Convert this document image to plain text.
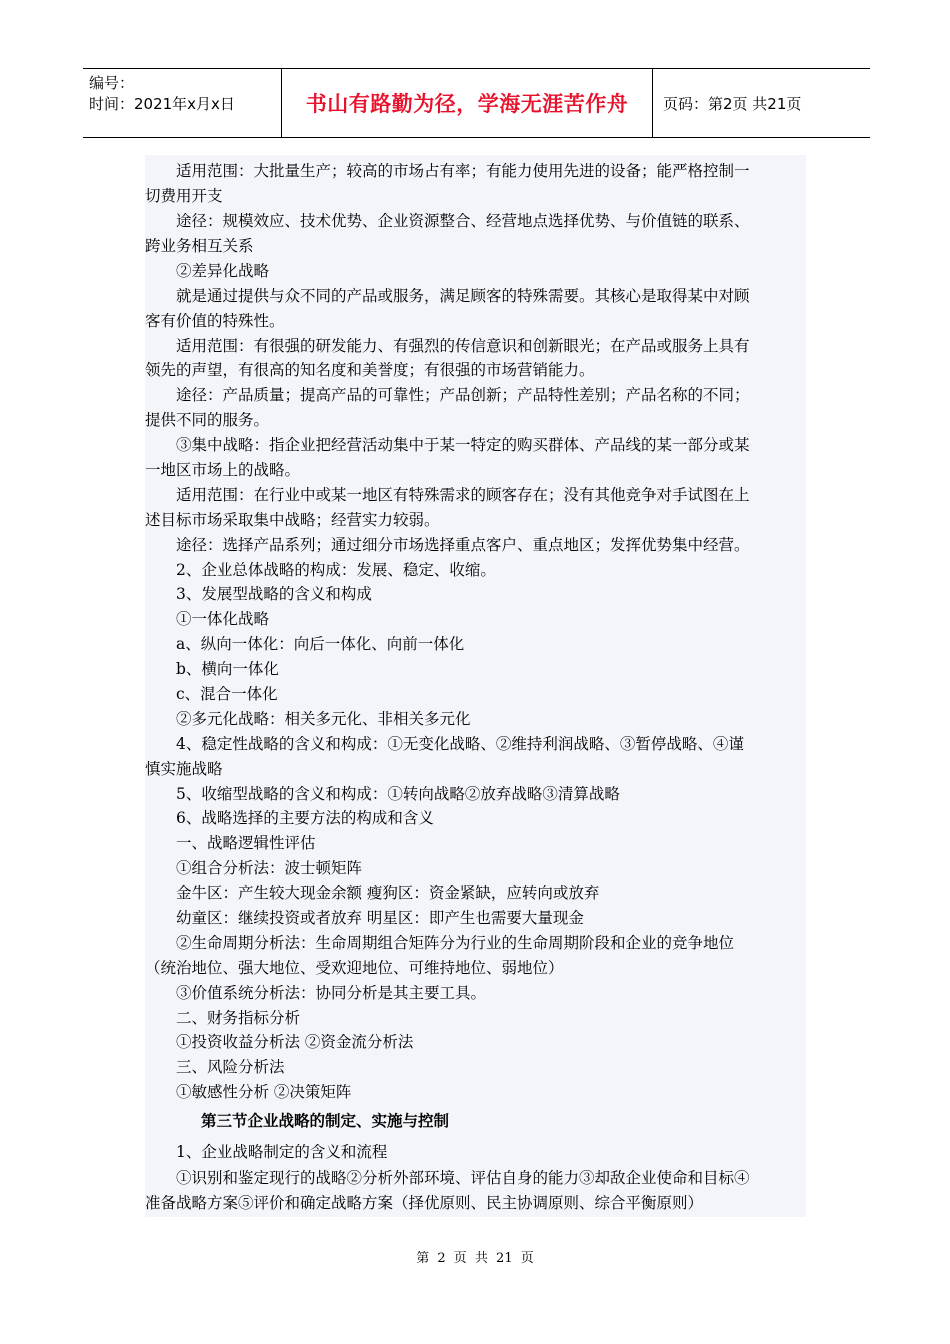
编号：
时间：2021年x月x日	书山有路勤为径，学海无涯苦作舟	页码：第2页 共21页
适用范围：大批量生产；较高的市场占有率；有能力使用先进的设备；能严格控制一
切费用开支
途径：规模效应、技术优势、企业资源整合、经营地点选择优势、与价值链的联系、
跨业务相互关系
②差异化战略
就是通过提供与众不同的产品或服务，满足顾客的特殊需要。其核心是取得某中对顾
客有价值的特殊性。
适用范围：有很强的研发能力、有强烈的传信意识和创新眼光；在产品或服务上具有
领先的声望，有很高的知名度和美誉度；有很强的市场营销能力。
途径：产品质量；提高产品的可靠性；产品创新；产品特性差别；产品名称的不同；
提供不同的服务。
③集中战略：指企业把经营活动集中于某一特定的购买群体、产品线的某一部分或某
一地区市场上的战略。
适用范围：在行业中或某一地区有特殊需求的顾客存在；没有其他竞争对手试图在上
述目标市场采取集中战略；经营实力较弱。
途径：选择产品系列；通过细分市场选择重点客户、重点地区；发挥优势集中经营。
2、企业总体战略的构成：发展、稳定、收缩。
3、发展型战略的含义和构成
①一体化战略
a、纵向一体化：向后一体化、向前一体化
b、横向一体化
c、混合一体化
②多元化战略：相关多元化、非相关多元化
4、稳定性战略的含义和构成：①无变化战略、②维持利润战略、③暂停战略、④谨
慎实施战略
5、收缩型战略的含义和构成：①转向战略②放弃战略③清算战略
6、战略选择的主要方法的构成和含义
一、战略逻辑性评估
①组合分析法：波士顿矩阵
金牛区：产生较大现金余额 瘦狗区：资金紧缺，应转向或放弃
幼童区：继续投资或者放弃 明星区：即产生也需要大量现金
②生命周期分析法：生命周期组合矩阵分为行业的生命周期阶段和企业的竞争地位
（统治地位、强大地位、受欢迎地位、可维持地位、弱地位）
③价值系统分析法：协同分析是其主要工具。
二、财务指标分析
①投资收益分析法 ②资金流分析法
三、风险分析法
①敏感性分析 ②决策矩阵
第三节企业战略的制定、实施与控制
1、企业战略制定的含义和流程
①识别和鉴定现行的战略②分析外部环境、评估自身的能力③却敌企业使命和目标④
准备战略方案⑤评价和确定战略方案（择优原则、民主协调原则、综合平衡原则）
第 2 页 共 21 页
